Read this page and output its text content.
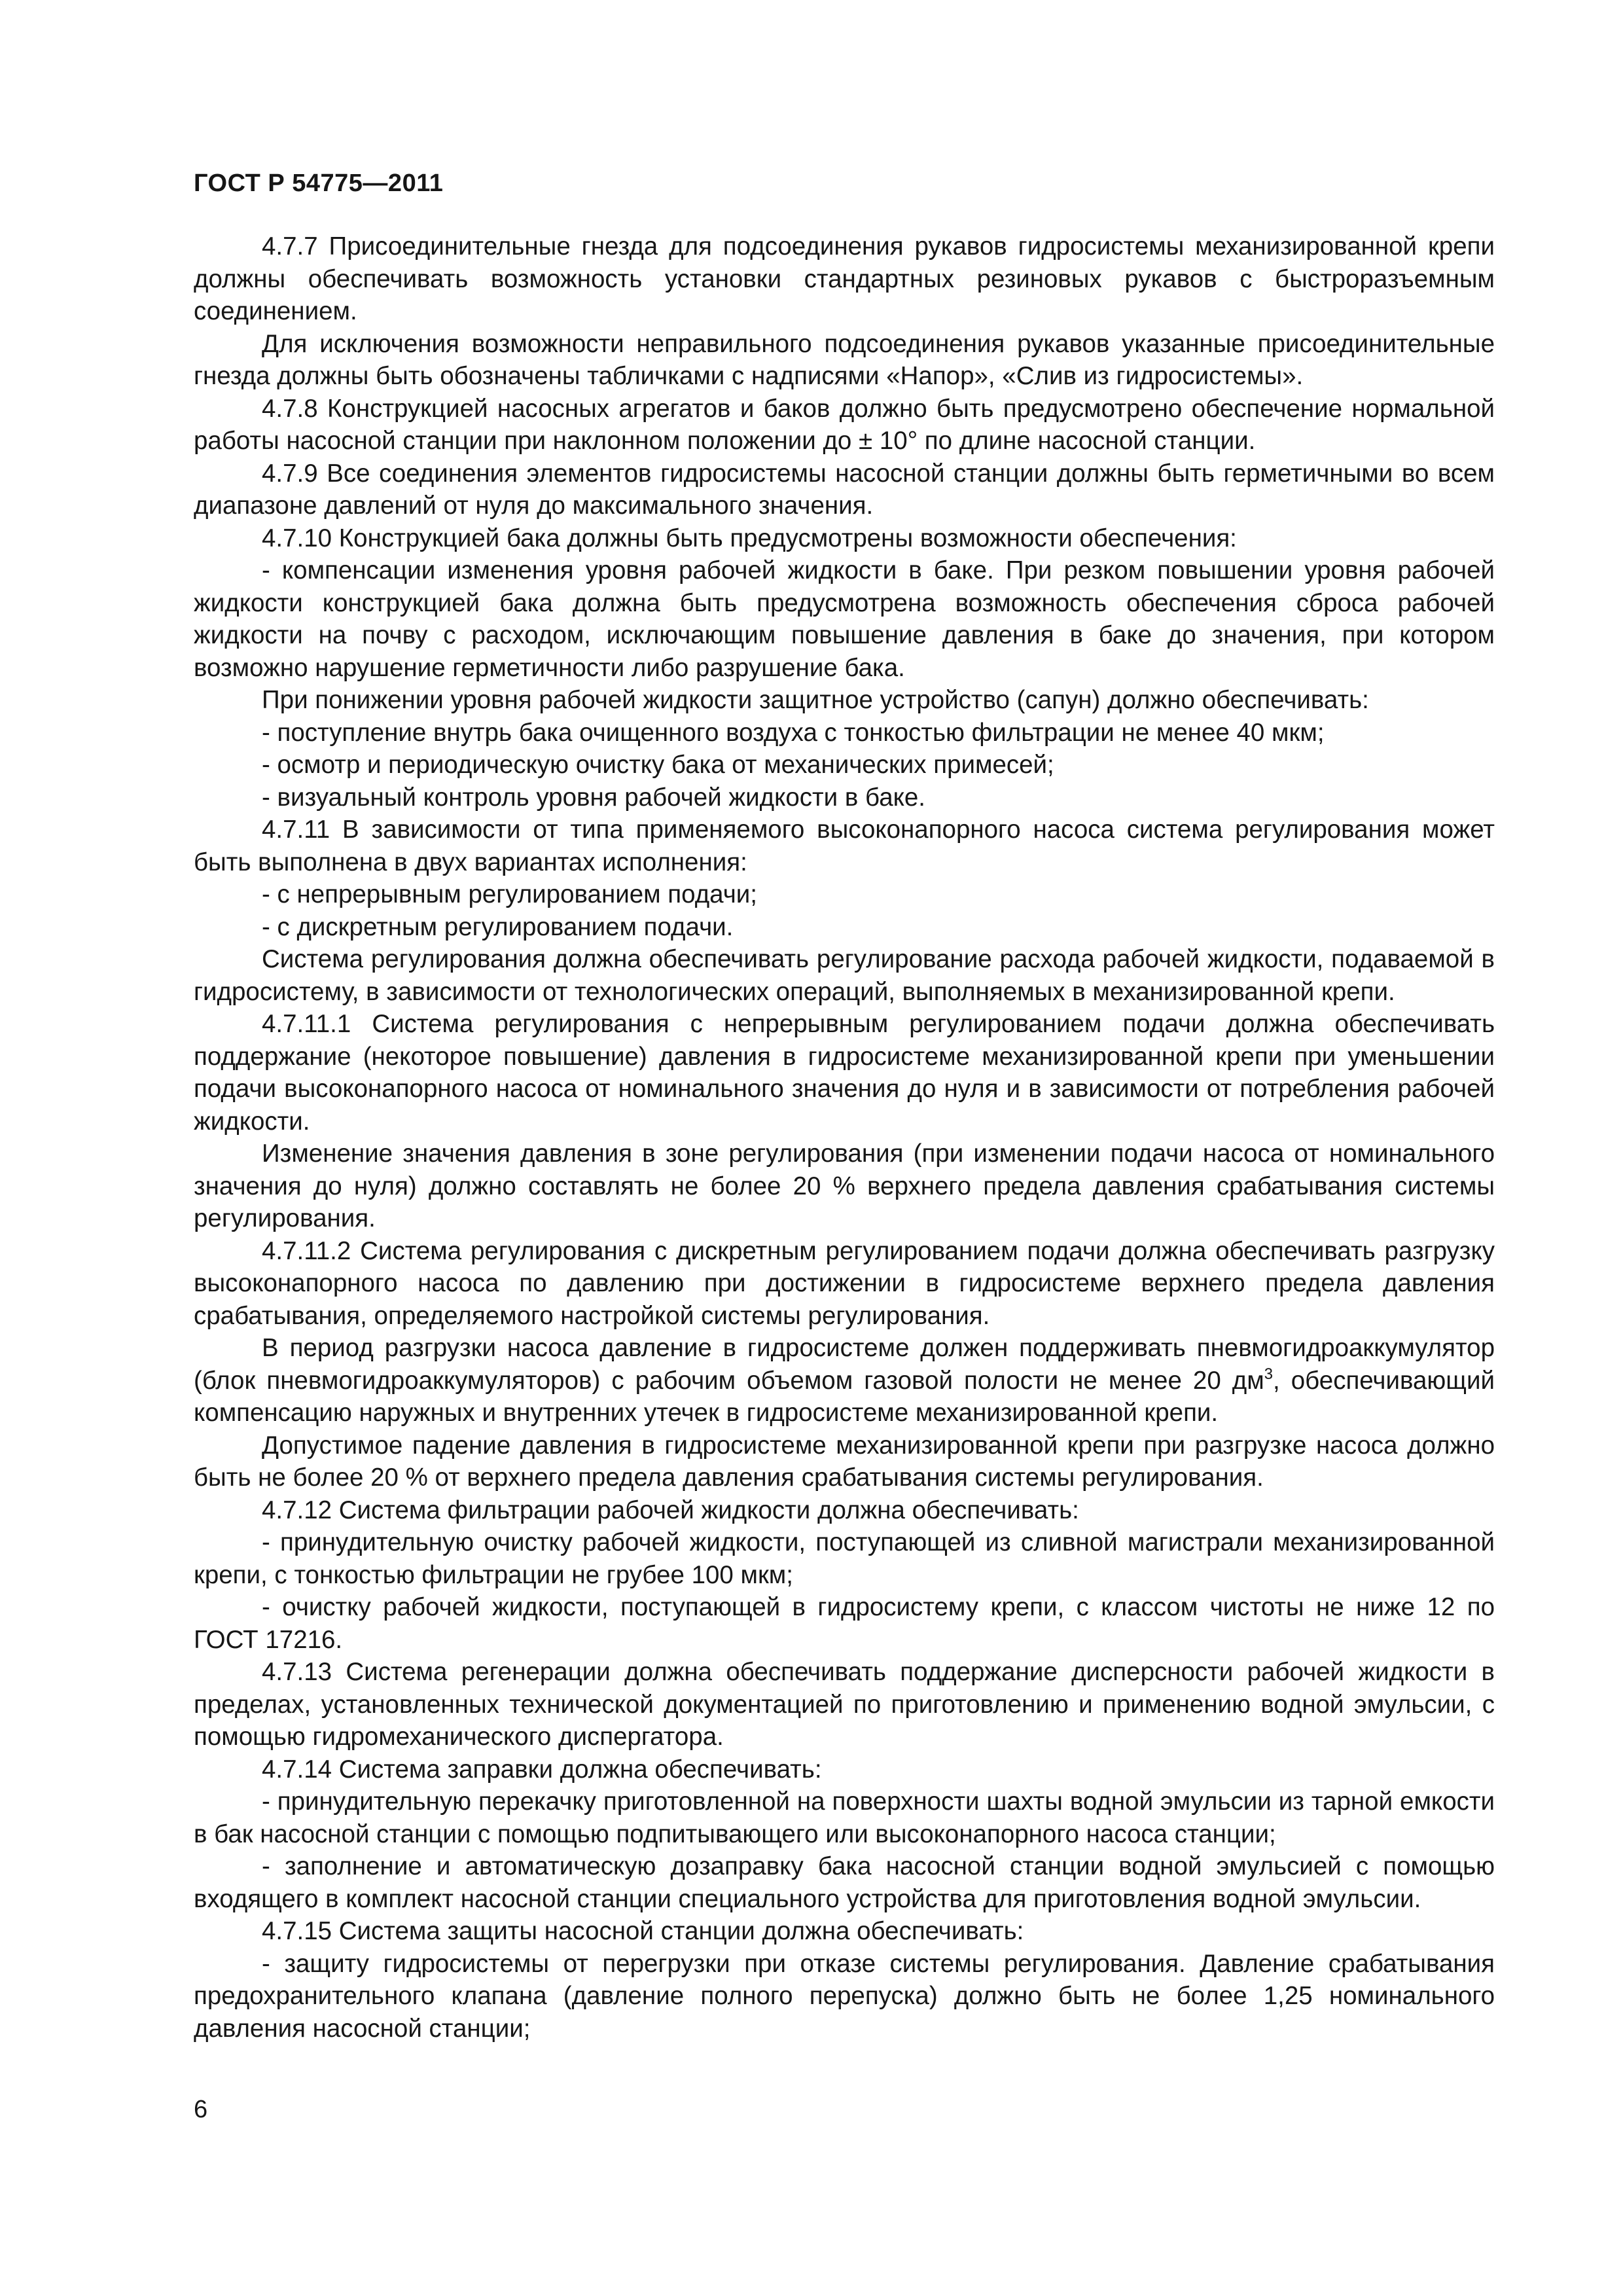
ГОСТ Р 54775—2011

4.7.7 Присоединительные гнезда для подсоединения рукавов гидросистемы механизированной крепи должны обеспечивать возможность установки стандартных резиновых рукавов с быстроразъемным соединением.

Для исключения возможности неправильного подсоединения рукавов указанные присоединительные гнезда должны быть обозначены табличками с надписями «Напор», «Слив из гидросистемы».

4.7.8 Конструкцией насосных агрегатов и баков должно быть предусмотрено обеспечение нормальной работы насосной станции при наклонном положении до ± 10° по длине насосной станции.

4.7.9 Все соединения элементов гидросистемы насосной станции должны быть герметичными во всем диапазоне давлений от нуля до максимального значения.

4.7.10 Конструкцией бака должны быть предусмотрены возможности обеспечения:

- компенсации изменения уровня рабочей жидкости в баке. При резком повышении уровня рабочей жидкости конструкцией бака должна быть предусмотрена возможность обеспечения сброса рабочей жидкости на почву с расходом, исключающим повышение давления в баке до значения, при котором возможно нарушение герметичности либо разрушение бака.

При понижении уровня рабочей жидкости защитное устройство (сапун) должно обеспечивать:

- поступление внутрь бака очищенного воздуха с тонкостью фильтрации не менее 40 мкм;

- осмотр и периодическую очистку бака от механических примесей;

- визуальный контроль уровня рабочей жидкости в баке.

4.7.11 В зависимости от типа применяемого высоконапорного насоса система регулирования может быть выполнена в двух вариантах исполнения:

- с непрерывным регулированием подачи;

- с дискретным регулированием подачи.

Система регулирования должна обеспечивать регулирование расхода рабочей жидкости, подаваемой в гидросистему, в зависимости от технологических операций, выполняемых в механизированной крепи.

4.7.11.1 Система регулирования с непрерывным регулированием подачи должна обеспечивать поддержание (некоторое повышение) давления в гидросистеме механизированной крепи при уменьшении подачи высоконапорного насоса от номинального значения до нуля и в зависимости от потребления рабочей жидкости.

Изменение значения давления в зоне регулирования (при изменении подачи насоса от номинального значения до нуля) должно составлять не более 20 % верхнего предела давления срабатывания системы регулирования.

4.7.11.2 Система регулирования с дискретным регулированием подачи должна обеспечивать разгрузку высоконапорного насоса по давлению при достижении в гидросистеме верхнего предела давления срабатывания, определяемого настройкой системы регулирования.

В период разгрузки насоса давление в гидросистеме должен поддерживать пневмогидроаккумулятор (блок пневмогидроаккумуляторов) с рабочим объемом газовой полости не менее 20 $дм^3$, обеспечивающий компенсацию наружных и внутренних утечек в гидросистеме механизированной крепи.

Допустимое падение давления в гидросистеме механизированной крепи при разгрузке насоса должно быть не более 20 % от верхнего предела давления срабатывания системы регулирования.

4.7.12 Система фильтрации рабочей жидкости должна обеспечивать:

- принудительную очистку рабочей жидкости, поступающей из сливной магистрали механизированной крепи, с тонкостью фильтрации не грубее 100 мкм;

- очистку рабочей жидкости, поступающей в гидросистему крепи, с классом чистоты не ниже 12 по ГОСТ 17216.

4.7.13 Система регенерации должна обеспечивать поддержание дисперсности рабочей жидкости в пределах, установленных технической документацией по приготовлению и применению водной эмульсии, с помощью гидромеханического диспергатора.

4.7.14 Система заправки должна обеспечивать:

- принудительную перекачку приготовленной на поверхности шахты водной эмульсии из тарной емкости в бак насосной станции с помощью подпитывающего или высоконапорного насоса станции;

- заполнение и автоматическую дозаправку бака насосной станции водной эмульсией с помощью входящего в комплект насосной станции специального устройства для приготовления водной эмульсии.

4.7.15 Система защиты насосной станции должна обеспечивать:

- защиту гидросистемы от перегрузки при отказе системы регулирования. Давление срабатывания предохранительного клапана (давление полного перепуска) должно быть не более 1,25 номинального давления насосной станции;

6
